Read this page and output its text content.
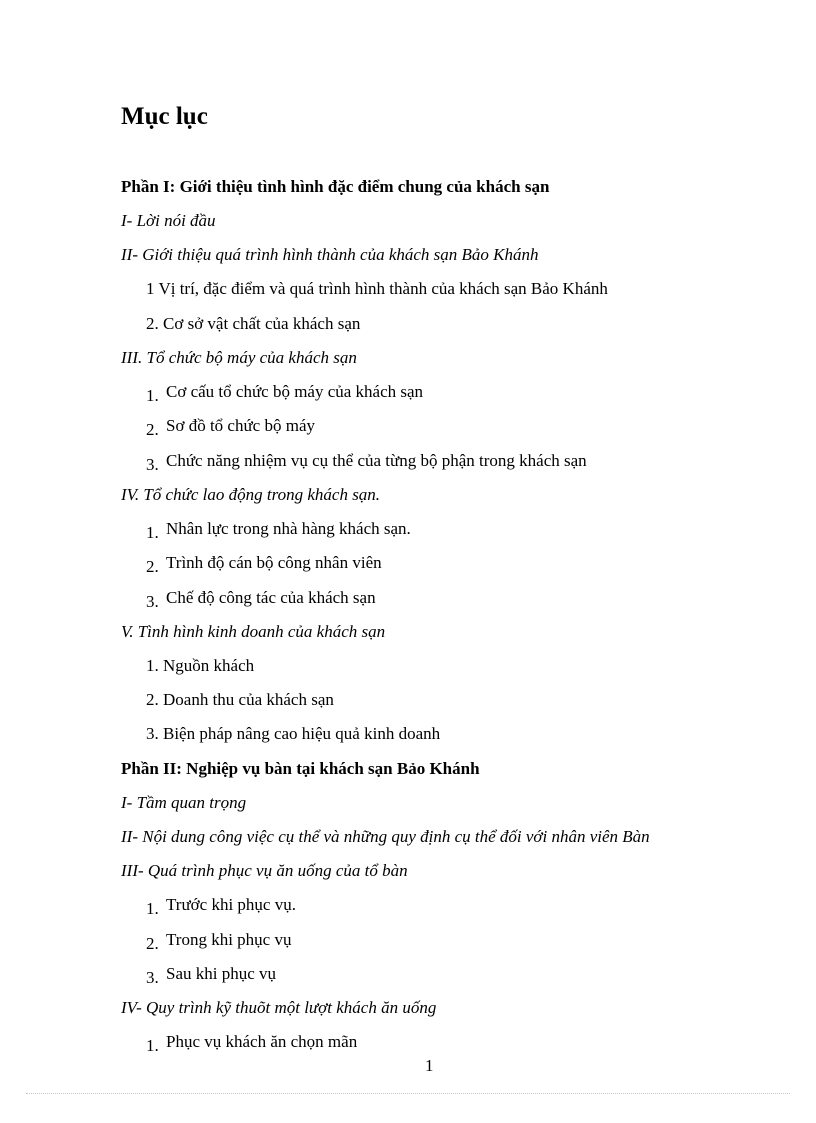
Mục lục
Phần I: Giới thiệu tình hình đặc điểm chung của khách sạn
I- Lời nói đầu
II- Giới thiệu quá trình hình thành của khách sạn Bảo Khánh
1 Vị trí, đặc điểm và quá trình hình thành của khách sạn Bảo Khánh
2. Cơ sở vật chất của khách sạn
III. Tổ chức bộ máy của khách sạn
1. Cơ cấu tổ chức bộ máy của khách sạn
2. Sơ đồ tổ chức bộ máy
3. Chức năng nhiệm vụ cụ thể của từng bộ phận trong khách sạn
IV. Tổ chức lao động trong khách sạn.
1. Nhân lực trong nhà hàng khách sạn.
2. Trình độ cán bộ công nhân viên
3. Chế độ công tác của khách sạn
V. Tình hình kinh doanh của khách sạn
1. Nguồn khách
2. Doanh thu của khách sạn
3. Biện pháp nâng cao hiệu quả kinh doanh
Phần II: Nghiệp vụ bàn tại khách sạn Bảo Khánh
I- Tầm quan trọng
II- Nội dung công việc cụ thể và những quy định cụ thể đối với nhân viên Bàn
III- Quá trình phục vụ ăn uống của tổ bàn
1. Trước khi phục vụ.
2. Trong khi phục vụ
3. Sau khi phục vụ
IV- Quy trình kỹ thuõt một lượt khách ăn uống
1. Phục vụ khách ăn chọn mãn
1
